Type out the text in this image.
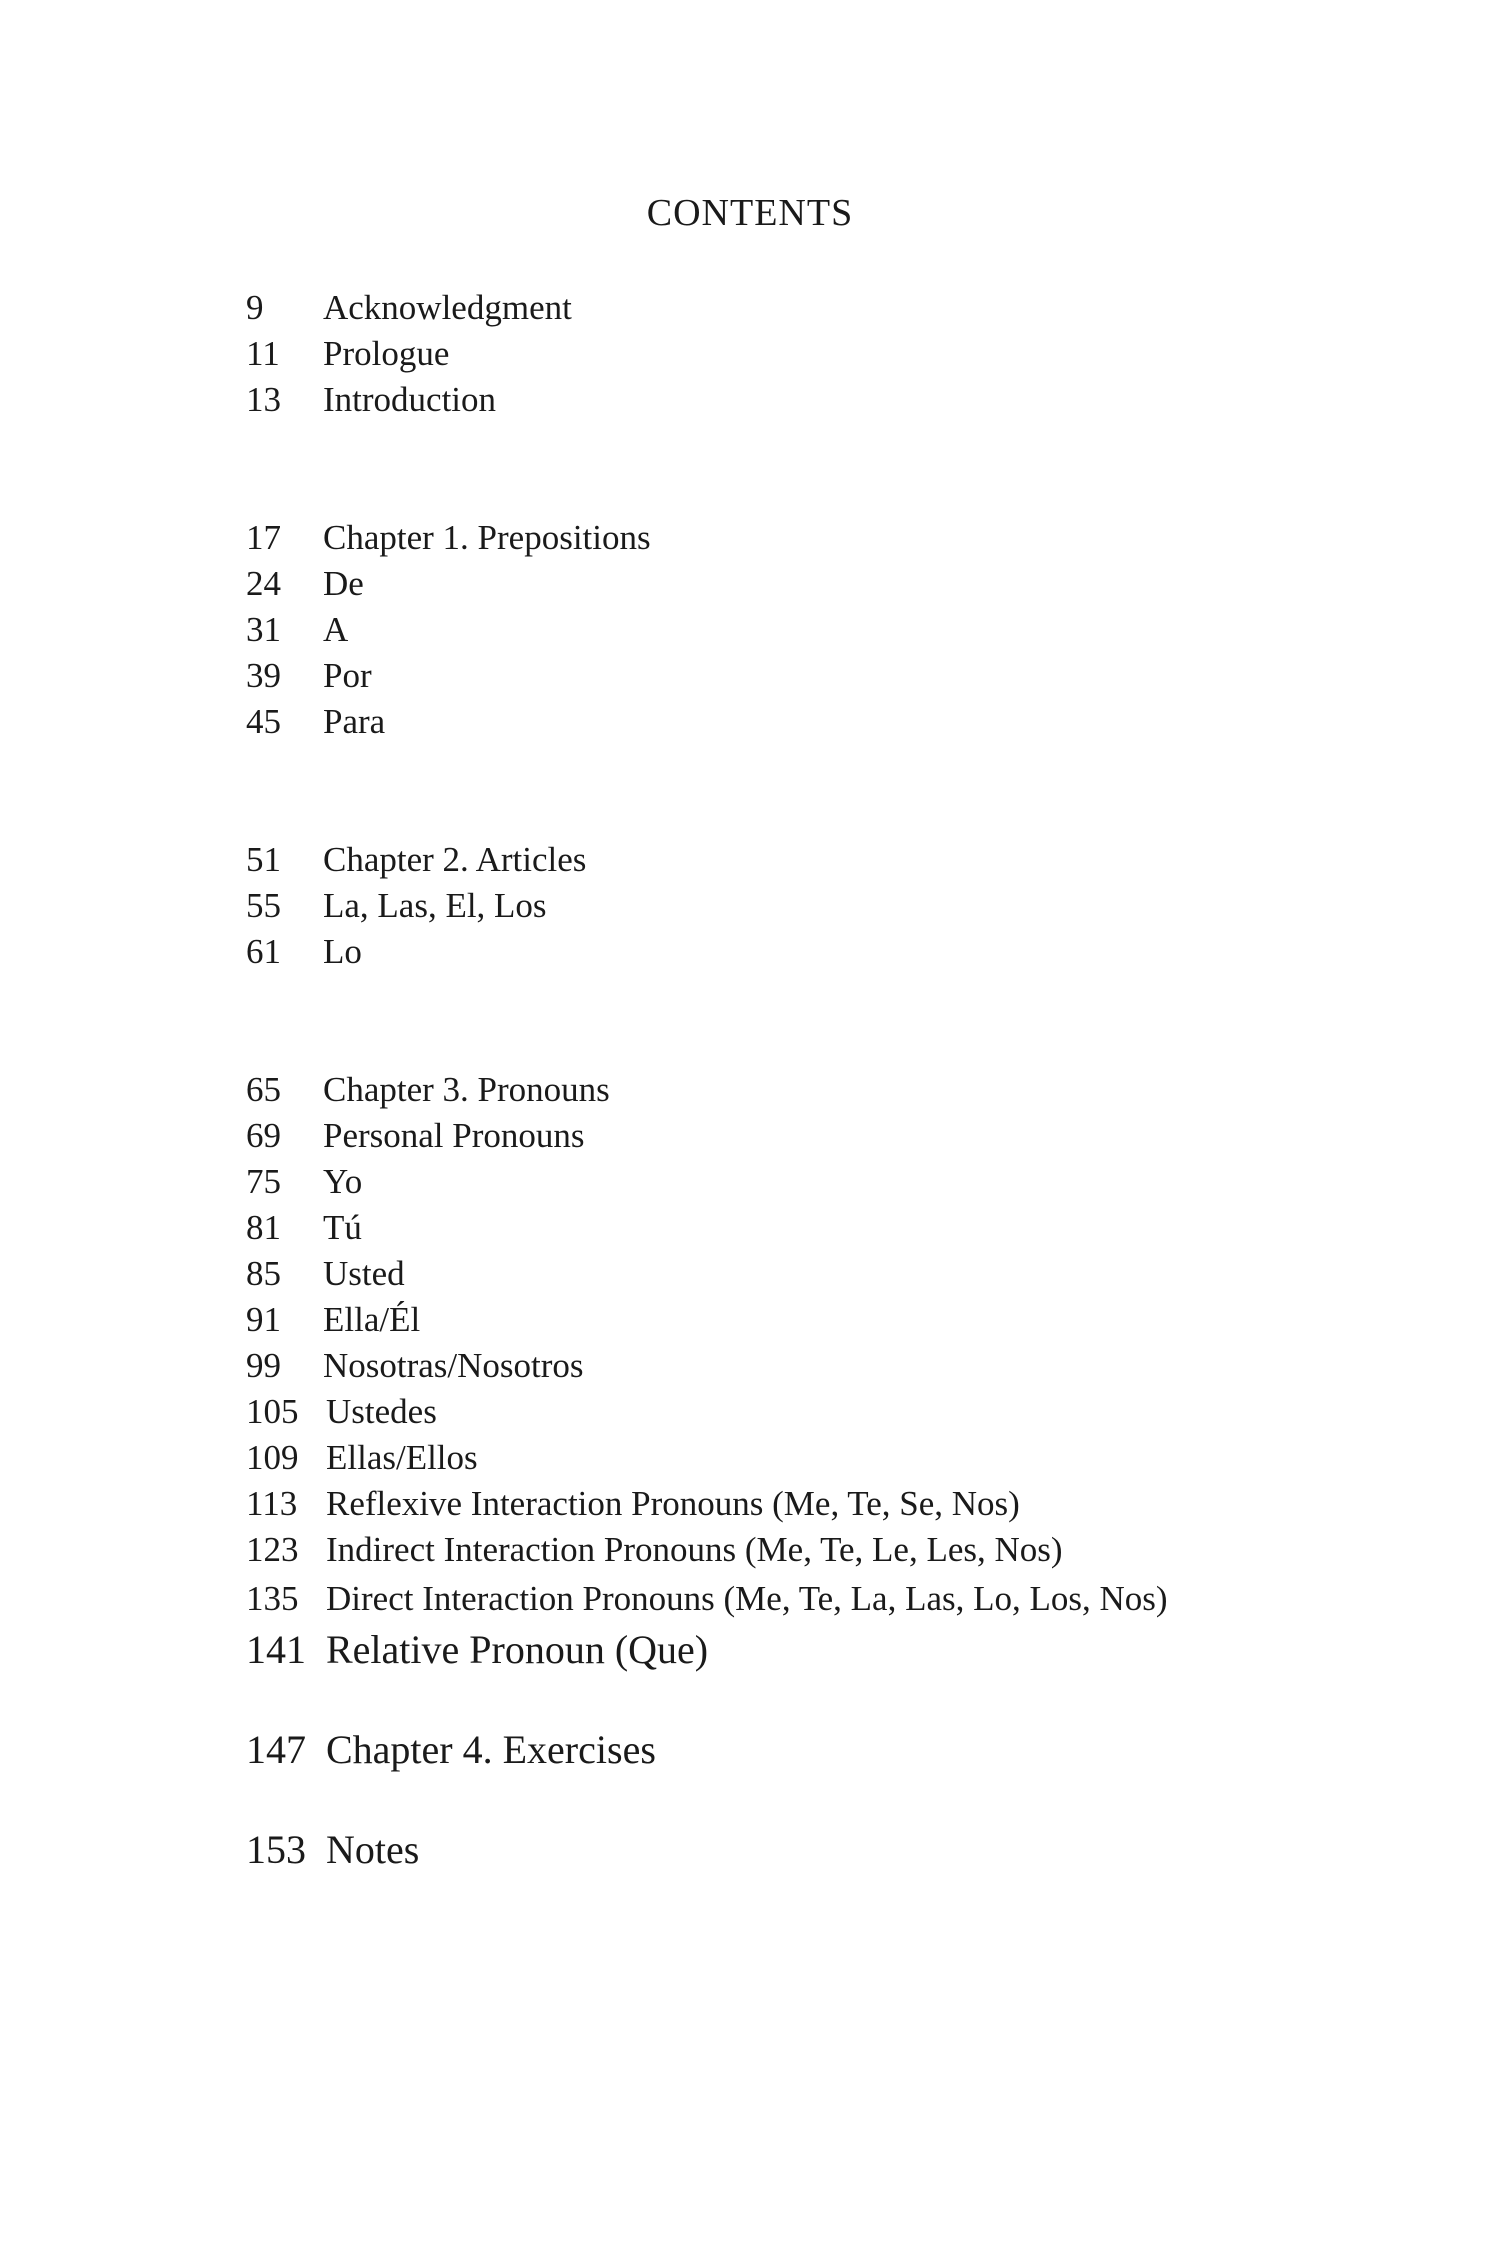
CONTENTS
9 Acknowledgment
11 Prologue
13 Introduction
17 Chapter 1. Prepositions
24 De
31 A
39 Por
45 Para
51 Chapter 2. Articles
55 La, Las, El, Los
61 Lo
65 Chapter 3. Pronouns
69 Personal Pronouns
75 Yo
81 Tú
85 Usted
91 Ella/Él
99 Nosotras/Nosotros
105 Ustedes
109 Ellas/Ellos
113 Reflexive Interaction Pronouns (Me, Te, Se, Nos)
123 Indirect Interaction Pronouns (Me, Te, Le, Les, Nos)
135 Direct Interaction Pronouns (Me, Te, La, Las, Lo, Los, Nos)
141 Relative Pronoun (Que)
147 Chapter 4. Exercises
153 Notes
